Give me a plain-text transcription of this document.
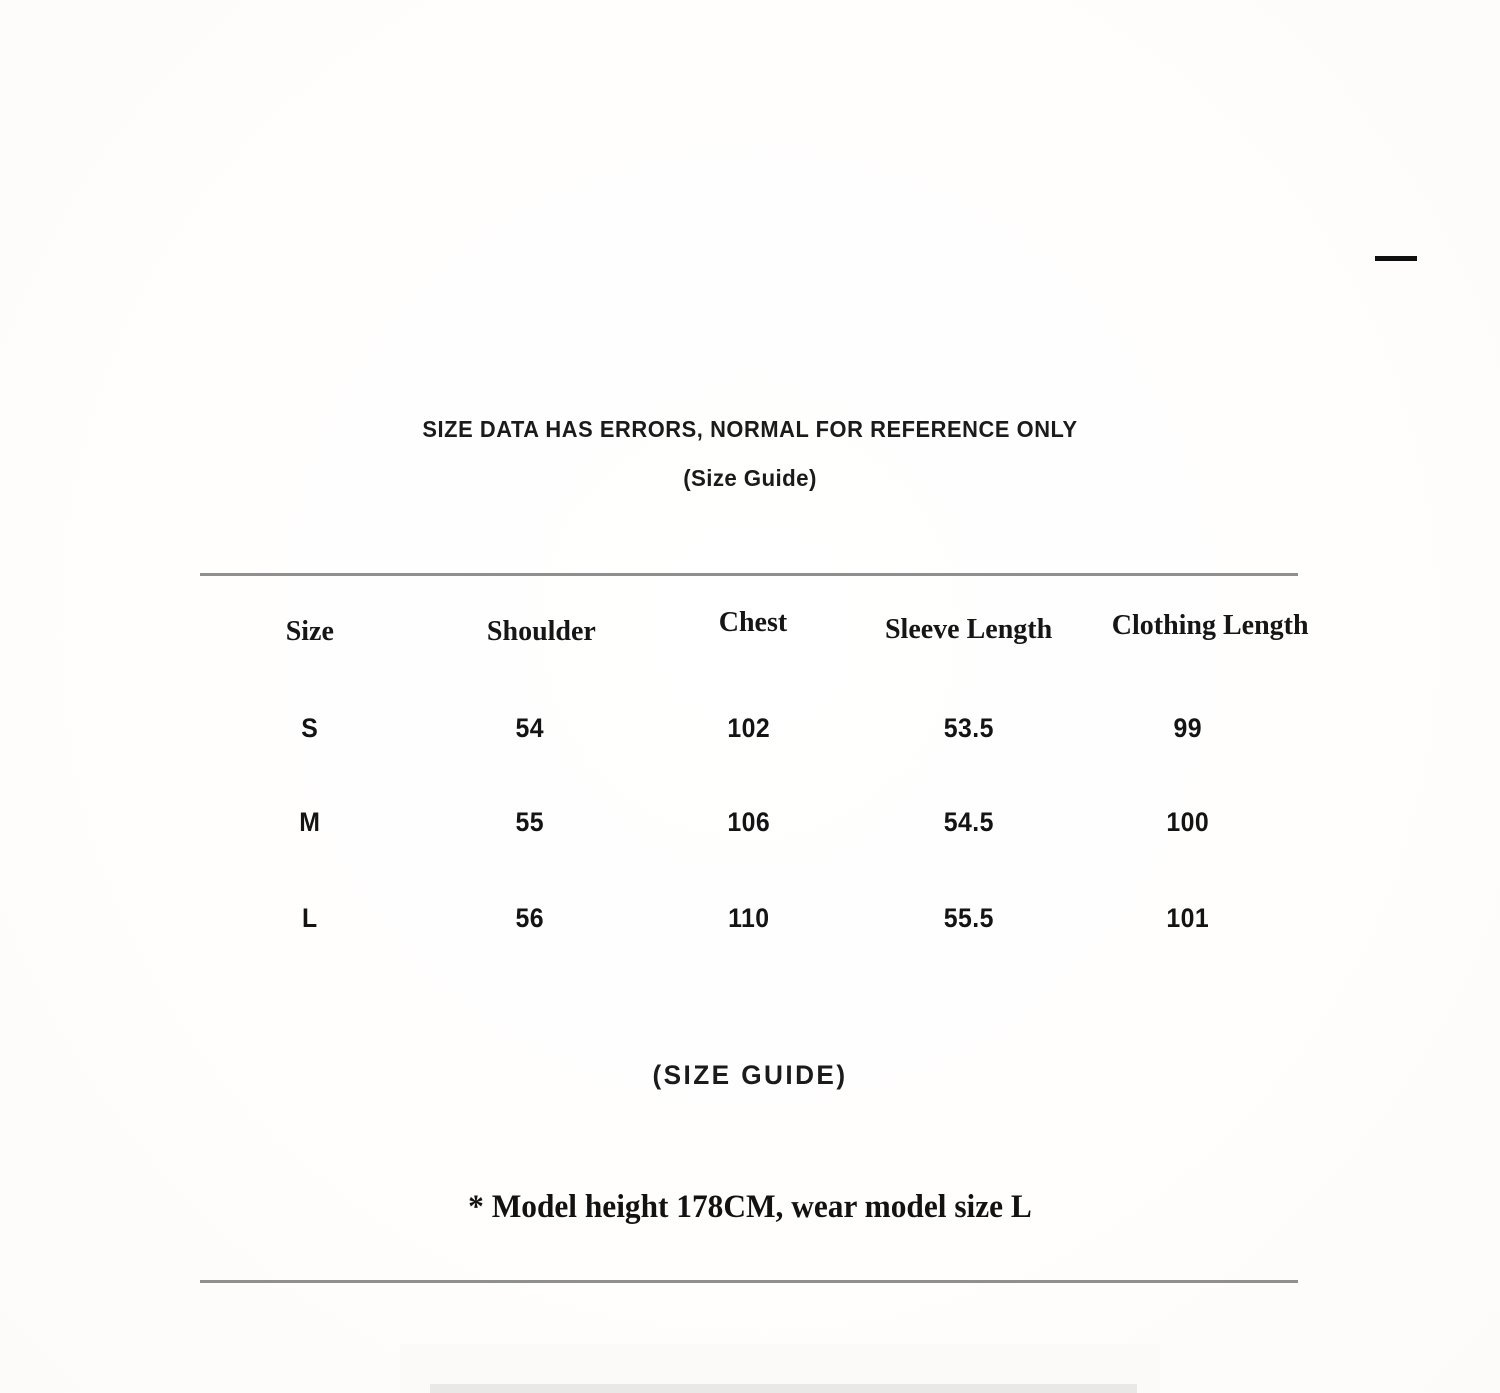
SIZE DATA HAS ERRORS, NORMAL FOR REFERENCE ONLY
(Size Guide)
Size	Shoulder	Chest	Sleeve Length	Clothing Length
S	54	102	53.5	99
M	55	106	54.5	100
L	56	110	55.5	101
(SIZE GUIDE)
* Model height 178CM, wear model size L
